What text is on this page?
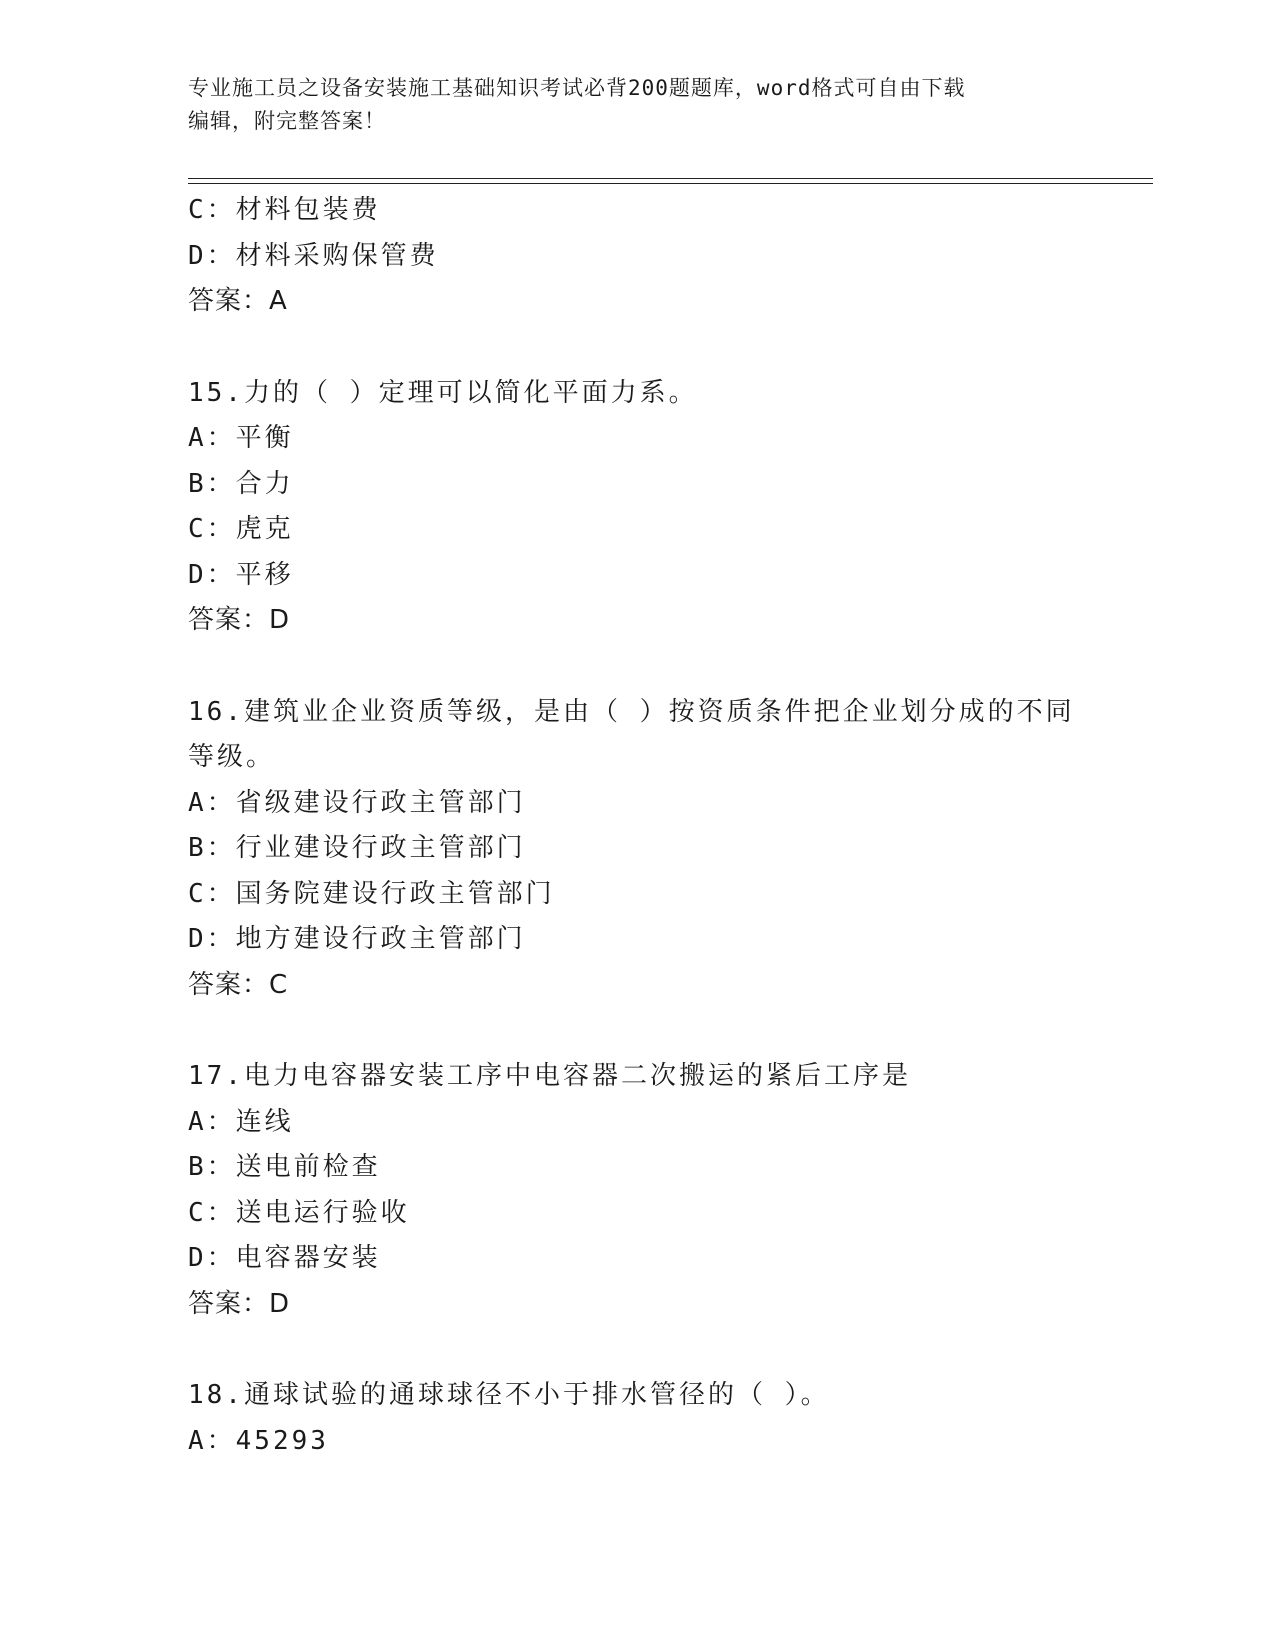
专业施工员之设备安装施工基础知识考试必背200题题库，word格式可自由下载
编辑，附完整答案！
C：材料包装费
D：材料采购保管费
答案：A
15.力的（ ）定理可以简化平面力系。
A：平衡
B：合力
C：虎克
D：平移
答案：D
16.建筑业企业资质等级，是由（ ）按资质条件把企业划分成的不同
等级。
A：省级建设行政主管部门
B：行业建设行政主管部门
C：国务院建设行政主管部门
D：地方建设行政主管部门
答案：C
17.电力电容器安装工序中电容器二次搬运的紧后工序是
A：连线
B：送电前检查
C：送电运行验收
D：电容器安装
答案：D
18.通球试验的通球球径不小于排水管径的（ ）。
A：45293
